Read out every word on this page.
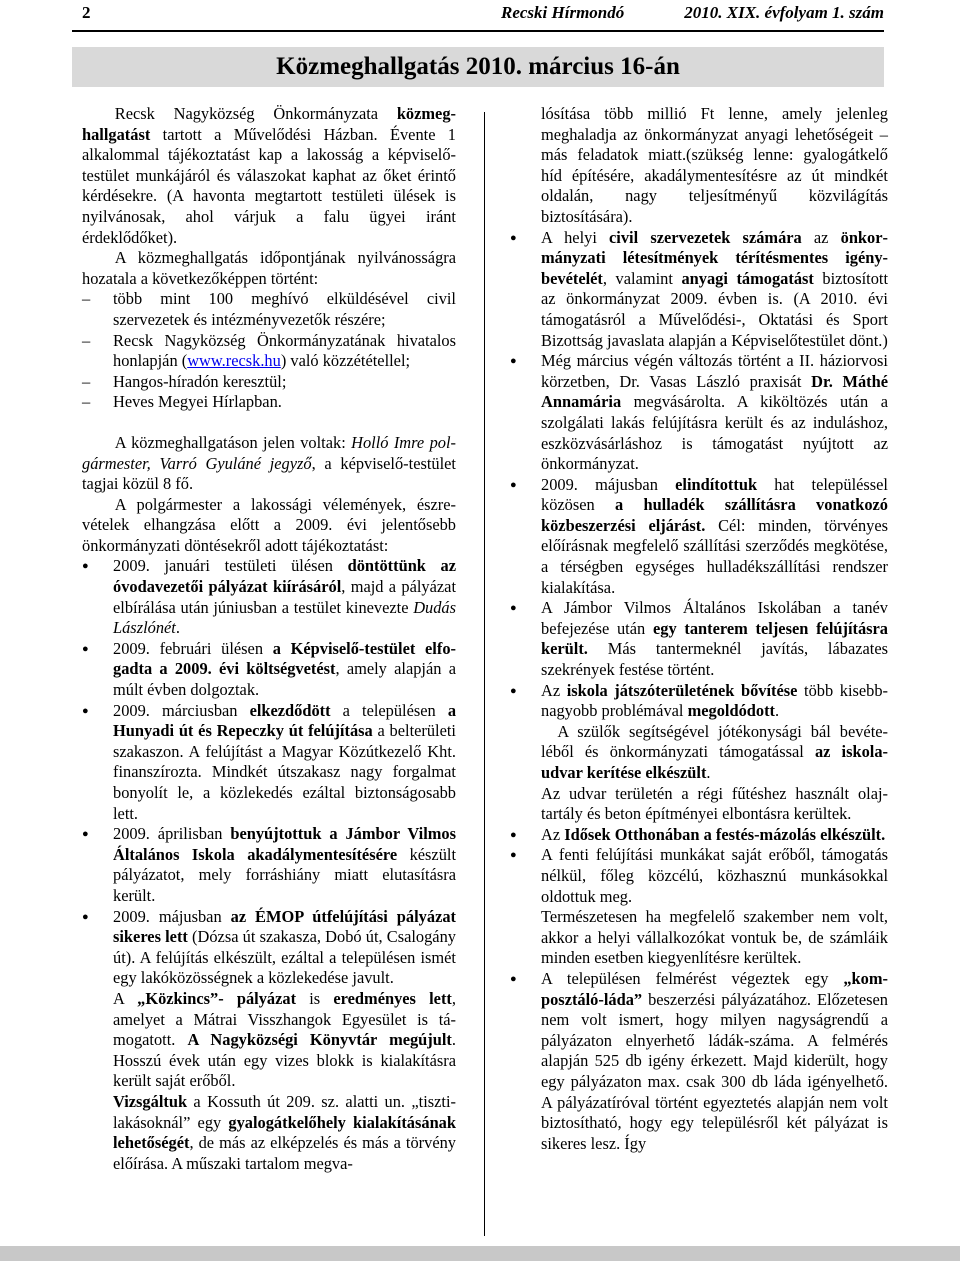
2	Recski Hírmondó	2010. XIX. évfolyam 1. szám
Közmeghallgatás 2010. március 16-án

Recsk Nagyközség Önkormányzata közmeghallgatást tartott a Művelődési Házban. Évente 1 alkalommal tájékoztatást kap a lakosság a képviselő-testület munkájáról és válaszokat kaphat az őket érintő kérdésekre. (A havonta megtartott testületi ülések is nyilvánosak, ahol várjuk a falu ügyei iránt érdeklődőket).

A közmeghallgatás időpontjának nyilvánosságra hozatala a következőképpen történt:

– több mint 100 meghívó elküldésével civil szervezetek és intézményvezetők részére;

– Recsk Nagyközség Önkormányzatának hivatalos honlapján (www.recsk.hu) való közzététellel;

– Hangos-híradón keresztül;

– Heves Megyei Hírlapban.

A közmeghallgatáson jelen voltak: Holló Imre polgármester, Varró Gyuláné jegyző, a képviselő-testület tagjai közül 8 fő.

A polgármester a lakossági vélemények, észrevételek elhangzása előtt a 2009. évi jelentősebb önkormányzati döntésekről adott tájékoztatást:

● 2009. januári testületi ülésen döntöttünk az óvodavezetői pályázat kiírásáról, majd a pályázat elbírálása után júniusban a testület kinevezte Dudás Lászlónét.

● 2009. februári ülésen a Képviselő-testület elfogadta a 2009. évi költségvetést, amely alapján a múlt évben dolgoztak.

● 2009. márciusban elkezdődött a településen a Hunyadi út és Repeczky út felújítása a belterületi szakaszon. A felújítást a Magyar Közútkezelő Kht. finanszírozta. Mindkét útszakasz nagy forgalmat bonyolít le, a közlekedés ezáltal biztonságosabb lett.

● 2009. áprilisban benyújtottuk a Jámbor Vilmos Általános Iskola akadálymentesítésére készült pályázatot, mely forráshiány miatt elutasításra került.

● 2009. májusban az ÉMOP útfelújítási pályázat sikeres lett (Dózsa út szakasza, Dobó út, Csalogány út). A felújítás elkészült, ezáltal a településen ismét egy lakóközösségnek a közlekedése javult.

A „Közkincs”- pályázat is eredményes lett, amelyet a Mátrai Visszhangok Egyesület is támogatott. A Nagyközségi Könyvtár megújult. Hosszú évek után egy vizes blokk is kialakításra került saját erőből.

Vizsgáltuk a Kossuth út 209. sz. alatti un. „tiszti-lakásoknál” egy gyalogátkelőhely kialakításának lehetőségét, de más az elképzelés és más a törvény előírása. A műszaki tartalom megva-

lósítása több millió Ft lenne, amely jelenleg meghaladja az önkormányzat anyagi lehetőségeit – más feladatok miatt.(szükség lenne: gyalogátkelő híd építésére, akadálymentesítésre az út mindkét oldalán, nagy teljesítményű közvilágítás biztosítására).

● A helyi civil szervezetek számára az önkormányzati létesítmények térítésmentes igénybevételét, valamint anyagi támogatást biztosított az önkormányzat 2009. évben is. (A 2010. évi támogatásról a Művelődési-, Oktatási és Sport Bizottság javaslata alapján a Képviselőtestület dönt.)

● Még március végén változás történt a II. háziorvosi körzetben, Dr. Vasas László praxisát Dr. Máthé Annamária megvásárolta. A kiköltözés után a szolgálati lakás felújításra került és az induláshoz, eszközvásárláshoz is támogatást nyújtott az önkormányzat.

● 2009. májusban elindítottuk hat településsel közösen a hulladék szállításra vonatkozó közbeszerzési eljárást. Cél: minden, törvényes előírásnak megfelelő szállítási szerződés megkötése, a térségben egységes hulladékszállítási rendszer kialakítása.

● A Jámbor Vilmos Általános Iskolában a tanév befejezése után egy tanterem teljesen felújításra került. Más tantermeknél javítás, lábazates szekrények festése történt.

● Az iskola játszóterületének bővítése több kisebb-nagyobb problémával megoldódott.

A szülők segítségével jótékonysági bál bevételéből és önkormányzati támogatással az iskolaudvar kerítése elkészült.

Az udvar területén a régi fűtéshez használt olajtartály és beton építményei elbontásra kerültek.

● Az Idősek Otthonában a festés-mázolás elkészült.

● A fenti felújítási munkákat saját erőből, támogatás nélkül, főleg közcélú, közhasznú munkásokkal oldottuk meg.

Természetesen ha megfelelő szakember nem volt, akkor a helyi vállalkozókat vontuk be, de számláik minden esetben kiegyenlítésre kerültek.

● A településen felmérést végeztek egy „komposztáló-láda” beszerzési pályázatához. Előzetesen nem volt ismert, hogy milyen nagyságrendű a pályázaton elnyerhető ládák-száma. A felmérés alapján 525 db igény érkezett. Majd kiderült, hogy egy pályázaton max. csak 300 db láda igényelhető. A pályázatíróval történt egyeztetés alapján nem volt biztosítható, hogy egy településről két pályázat is sikeres lesz. Így
